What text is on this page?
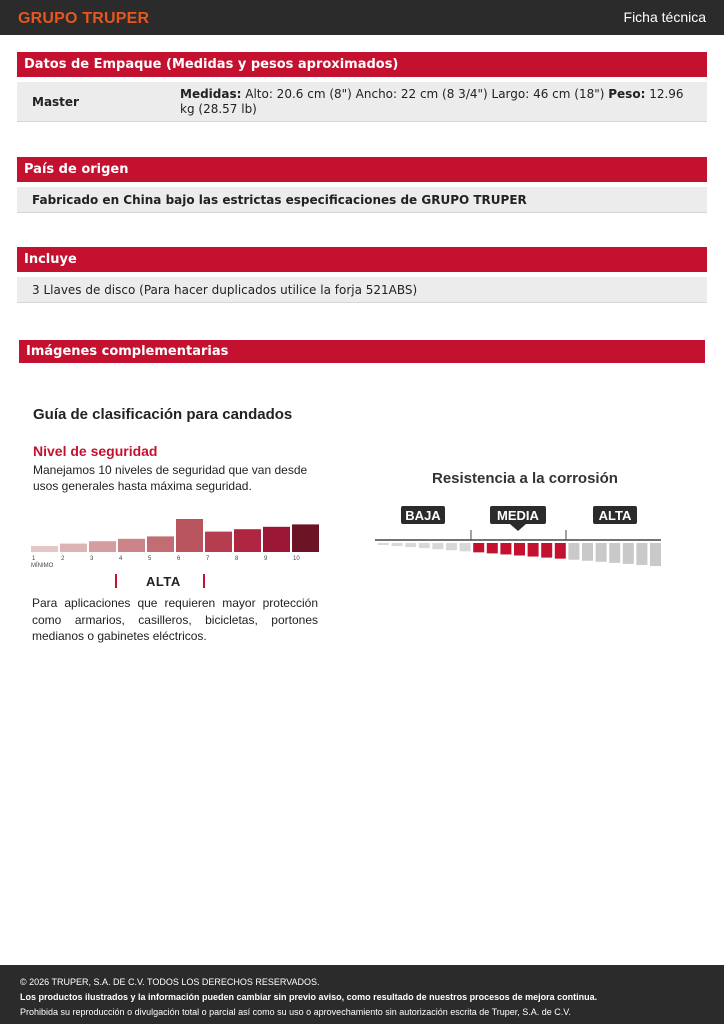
GRUPO TRUPER	Ficha técnica
Datos de Empaque (Medidas y pesos aproximados)
Master
Medidas: Alto: 20.6 cm (8") Ancho: 22 cm (8 3/4") Largo: 46 cm (18") Peso: 12.96 kg (28.57 lb)
País de origen
Fabricado en China bajo las estrictas especificaciones de GRUPO TRUPER
Incluye
3 Llaves de disco (Para hacer duplicados utilice la forja 521ABS)
Imágenes complementarias
Guía de clasificación para candados
Nivel de seguridad
Manejamos 10 niveles de seguridad que van desde usos generales hasta máxima seguridad.
1	2	3	4	5	6	7	8	9	10
MÍNIMO
ALTA
Para aplicaciones que requieren mayor protección como armarios, casilleros, bicicletas, portones medianos o gabinetes eléctricos.
Resistencia a la corrosión
BAJA	MEDIA	ALTA
© 2026 TRUPER, S.A. DE C.V. TODOS LOS DERECHOS RESERVADOS.
Los productos ilustrados y la información pueden cambiar sin previo aviso, como resultado de nuestros procesos de mejora continua.
Prohibida su reproducción o divulgación total o parcial así como su uso o aprovechamiento sin autorización escrita de Truper, S.A. de C.V.
